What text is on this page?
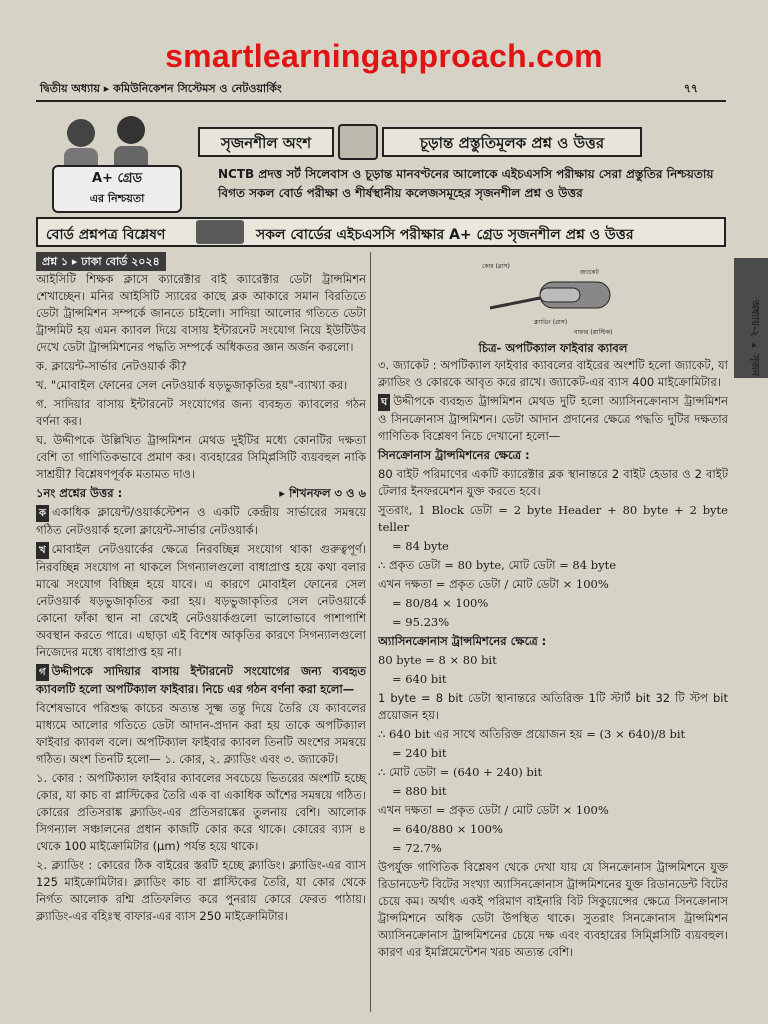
smartlearningapproach.com
দ্বিতীয় অধ্যায় ▸ কমিউনিকেশন সিস্টেমস ও নেটওয়ার্কিং	৭৭
A+ গ্রেড
এর নিশ্চয়তা
সৃজনশীল অংশ	চূড়ান্ত প্রস্তুতিমূলক প্রশ্ন ও উত্তর
NCTB প্রদত্ত সর্ট সিলেবাস ও চূড়ান্ত মানবণ্টনের আলোকে এইচএসসি পরীক্ষায় সেরা প্রস্তুতির নিশ্চয়তায় বিগত সকল বোর্ড পরীক্ষা ও শীর্ষস্থানীয় কলেজসমূহের সৃজনশীল প্রশ্ন ও উত্তর
বোর্ড প্রশ্নপত্র বিশ্লেষণ	সকল বোর্ডের এইচএসসি পরীক্ষার A+ গ্রেড সৃজনশীল প্রশ্ন ও উত্তর
অধ্যায়-২ ▸ সৃজন
প্রশ্ন ১ ▸ ঢাকা বোর্ড ২০২৪

আইসিটি শিক্ষক ক্লাসে ক্যারেক্টার বাই ক্যারেক্টার ডেটা ট্রান্সমিশন শেখাচ্ছেন। মনির আইসিটি স্যারের কাছে ব্লক আকারে সমান বিরতিতে ডেটা ট্রান্সমিশন সম্পর্কে জানতে চাইলো। সাদিয়া আলোর গতিতে ডেটা ট্রান্সমিট হয় এমন ক্যাবল দিয়ে বাসায় ইন্টারনেট সংযোগ নিয়ে ইউটিউব দেখে ডেটা ট্রান্সমিশনের পদ্ধতি সম্পর্কে অধিকতর জ্ঞান অর্জন করলো।

ক. ক্লায়েন্ট-সার্ভার নেটওয়ার্ক কী?

খ. "মোবাইল ফোনের সেল নেটওয়ার্ক ষড়ভুজাকৃতির হয়"-ব্যাখ্যা কর।

গ. সাদিয়ার বাসায় ইন্টারনেট সংযোগের জন্য ব্যবহৃত ক্যাবলের গঠন বর্ণনা কর।

ঘ. উদ্দীপকে উল্লিখিত ট্রান্সমিশন মেথড দুইটির মধ্যে কোনটির দক্ষতা বেশি তা গাণিতিকভাবে প্রমাণ কর। ব্যবহারের সিম্প্লিসিটি ব্যয়বহুল নাকি সাশ্রয়ী? বিশ্লেষণপূর্বক মতামত দাও।

১নং প্রশ্নের উত্তর :	▸ শিখনফল ৩ ও ৬

ক একাধিক ক্লায়েন্ট/ওয়ার্কস্টেশন ও একটি কেন্দ্রীয় সার্ভারের সমন্বয়ে গঠিত নেটওয়ার্ক হলো ক্লায়েন্ট-সার্ভার নেটওয়ার্ক।

খ মোবাইল নেটওয়ার্কের ক্ষেত্রে নিরবচ্ছিন্ন সংযোগ থাকা গুরুত্বপূর্ণ। নিরবচ্ছিন্ন সংযোগ না থাকলে সিগন্যালগুলো বাধাপ্রাপ্ত হয়ে কথা বলার মাঝে সংযোগ বিচ্ছিন্ন হয়ে যাবে। এ কারণে মোবাইল ফোনের সেল নেটওয়ার্ক ষড়ভুজাকৃতির করা হয়। ষড়ভুজাকৃতির সেল নেটওয়ার্কে কোনো ফাঁকা স্থান না রেখেই নেটওয়ার্কগুলো ভালোভাবে পাশাপাশি অবস্থান করতে পারে। এছাড়া এই বিশেষ আকৃতির কারণে সিগন্যালগুলো নিজেদের মধ্যে বাধাপ্রাপ্ত হয় না।

গ উদ্দীপকে সাদিয়ার বাসায় ইন্টারনেট সংযোগের জন্য ব্যবহৃত ক্যাবলটি হলো অপটিক্যাল ফাইবার। নিচে এর গঠন বর্ণনা করা হলো—

বিশেষভাবে পরিশুদ্ধ কাচের অত্যন্ত সূক্ষ্ম তন্তু দিয়ে তৈরি যে ক্যাবলের মাধ্যমে আলোর গতিতে ডেটা আদান-প্রদান করা হয় তাকে অপটিক্যাল ফাইবার ক্যাবল বলে। অপটিক্যাল ফাইবার ক্যাবল তিনটি অংশের সমন্বয়ে গঠিত। অংশ তিনটি হলো— ১. কোর, ২. ক্ল্যাডিং এবং ৩. জ্যাকেট।

১. কোর : অপটিক্যাল ফাইবার ক্যাবলের সবচেয়ে ভিতরের অংশটি হচ্ছে কোর, যা কাচ বা প্লাস্টিকের তৈরি এক বা একাধিক আঁশের সমন্বয়ে গঠিত। কোরের প্রতিসরাঙ্ক ক্ল্যাডিং-এর প্রতিসরাঙ্কের তুলনায় বেশি। আলোক সিগন্যাল সঞ্চালনের প্রধান কাজটি কোর করে থাকে। কোরের ব্যাস ৪ থেকে 100 মাইক্রোমিটার (μm) পর্যন্ত হয়ে থাকে।

২. ক্ল্যাডিং : কোরের ঠিক বাইরের স্তরটি হচ্ছে ক্ল্যাডিং। ক্ল্যাডিং-এর ব্যাস 125 মাইক্রোমিটার। ক্ল্যাডিং কাচ বা প্লাস্টিকের তৈরি, যা কোর থেকে নির্গত আলোক রশ্মি প্রতিফলিত করে পুনরায় কোরে ফেরত পাঠায়। ক্ল্যাডিং-এর বহিঃস্থ বাফার-এর ব্যাস 250 মাইক্রোমিটার।

কোর (গ্লাস)
জ্যাকেট
ক্ল্যাডিং (গ্লাস)
বাফার (প্লাস্টিক)
চিত্র- অপটিক্যাল ফাইবার ক্যাবল

৩. জ্যাকেট : অপটিক্যাল ফাইবার ক্যাবলের বাইরের অংশটি হলো জ্যাকেট, যা ক্ল্যাডিং ও কোরকে আবৃত করে রাখে। জ্যাকেট-এর ব্যাস 400 মাইক্রোমিটার।

ঘ উদ্দীপকে ব্যবহৃত ট্রান্সমিশন মেথড দুটি হলো অ্যাসিনক্রোনাস ট্রান্সমিশন ও সিনক্রোনাস ট্রান্সমিশন। ডেটা আদান প্রদানের ক্ষেত্রে পদ্ধতি দুটির দক্ষতার গাণিতিক বিশ্লেষণ নিচে দেখানো হলো—

সিনক্রোনাস ট্রান্সমিশনের ক্ষেত্রে :

80 বাইট পরিমাণের একটি ক্যারেক্টার ব্লক স্থানান্তরে 2 বাইট হেডার ও 2 বাইট টেলার ইনফরমেশন যুক্ত করতে হবে।

সুতরাং, 1 Block ডেটা = 2 byte Header + 80 byte + 2 byte teller

= 84 byte

∴ প্রকৃত ডেটা = 80 byte, মোট ডেটা = 84 byte

এখন দক্ষতা = প্রকৃত ডেটা / মোট ডেটা × 100%

= 80/84 × 100%

= 95.23%

অ্যাসিনক্রোনাস ট্রান্সমিশনের ক্ষেত্রে :

80 byte = 8 × 80 bit

= 640 bit

1 byte = 8 bit ডেটা স্থানান্তরে অতিরিক্ত 1টি স্টার্ট bit 32 টি স্টপ bit প্রয়োজন হয়।

∴ 640 bit এর সাথে অতিরিক্ত প্রয়োজন হয় = (3 × 640)/8 bit

= 240 bit

∴ মোট ডেটা = (640 + 240) bit

= 880 bit

এখন দক্ষতা = প্রকৃত ডেটা / মোট ডেটা × 100%

= 640/880 × 100%

= 72.7%

উপর্যুক্ত গাণিতিক বিশ্লেষণ থেকে দেখা যায় যে সিনক্রোনাস ট্রান্সমিশনে যুক্ত রিডানডেন্ট বিটের সংখ্যা অ্যাসিনক্রোনাস ট্রান্সমিশনের যুক্ত রিডানডেন্ট বিটের চেয়ে কম। অর্থাৎ একই পরিমাণ বাইনারি বিট সিকুয়েন্সের ক্ষেত্রে সিনক্রোনাস ট্রান্সমিশনে অধিক ডেটা উপস্থিত থাকে। সুতরাং সিনক্রোনাস ট্রান্সমিশন অ্যাসিনক্রোনাস ট্রান্সমিশনের চেয়ে দক্ষ এবং ব্যবহারের সিম্প্লিসিটি ব্যয়বহুল। কারণ এর ইমপ্লিমেন্টেশন খরচ অত্যন্ত বেশি।
